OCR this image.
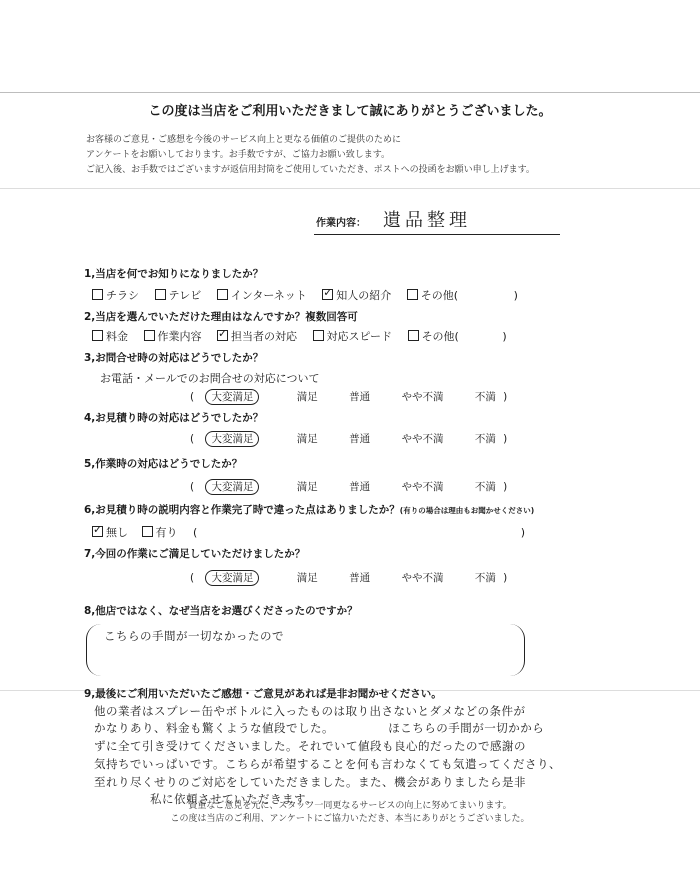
この度は当店をご利用いただきまして誠にありがとうございました。
お客様のご意見・ご感想を今後のサービス向上と更なる価値のご提供のために
アンケートをお願いしております。お手数ですが、ご協力お願い致します。
ご記入後、お手数ではございますが返信用封筒をご使用していただき、ポストへの投函をお願い申し上げます。
作業内容： 遺品整理
1,当店を何でお知りになりましたか？
チラシ	テレビ	インターネット ✓	知人の紹介	その他(	)
2,当店を選んでいただけた理由はなんですか？複数回答可
料金	作業内容 ✓	担当者の対応	対応スピード	その他(	)
3,お問合せ時の対応はどうでしたか？
お電話・メールでのお問合せの対応について
( 大変満足	満足	普通	やや不満	不満 )
4,お見積り時の対応はどうでしたか？
( 大変満足	満足	普通	やや不満	不満 )
5,作業時の対応はどうでしたか？
( 大変満足	満足	普通	やや不満	不満 )
6,お見積り時の説明内容と作業完了時で違った点はありましたか？(有りの場合は理由もお聞かせください)
✓無し	有り (	)
7,今回の作業にご満足していただけましたか？
( 大変満足	満足	普通	やや不満	不満 )
8,他店ではなく、なぜ当店をお選びくださったのですか？
こちらの手間が一切なかったので
9,最後にご利用いただいたご感想・ご意見があれば是非お聞かせください。
他の業者はスプレー缶やボトルに入ったものは取り出さないとダメなどの条件が
かなりあり、料金も驚くような値段でした。　　　　　ほこちらの手間が一切かから
ずに全て引き受けてくださいました。それでいて値段も良心的だったので感謝の
気持ちでいっぱいです。こちらが希望することを何も言わなくても気遣ってくださり、
至れり尽くせりのご対応をしていただきました。また、機会がありましたら是非
私に依頼させていただきます。
貴重なご意見を元に、スタッフ一同更なるサービスの向上に努めてまいります。
この度は当店のご利用、アンケートにご協力いただき、本当にありがとうございました。
